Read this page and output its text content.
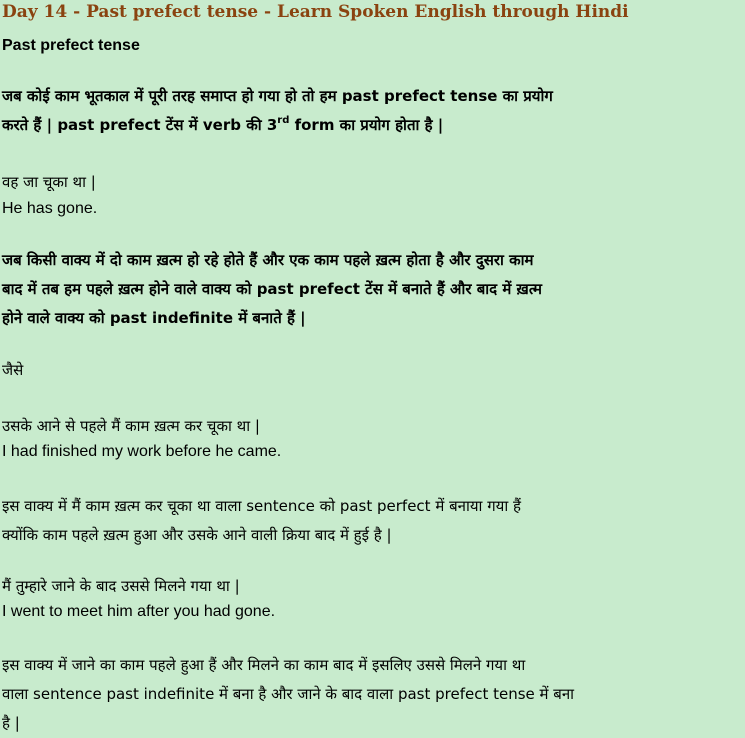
Day 14 - Past prefect tense - Learn Spoken English through Hindi
Past prefect tense

जब कोई काम भूतकाल में पूरी तरह समाप्त हो गया हो तो हम past prefect tense का प्रयोग
करते हैं | past prefect टेंस में verb की 3rd form का प्रयोग होता है |

वह जा चूका था |

He has gone.

जब किसी वाक्य में दो काम ख़त्म हो रहे होते हैं और एक काम पहले ख़त्म होता है और दुसरा काम
बाद में तब हम पहले ख़त्म होने वाले वाक्य को past prefect टेंस में बनाते हैं और बाद में ख़त्म
होने वाले वाक्य को past indefinite में बनाते हैं |

जैसे

उसके आने से पहले मैं काम ख़त्म कर चूका था |

I had finished my work before he came.

इस वाक्य में मैं काम ख़त्म कर चूका था वाला sentence को past perfect में बनाया गया हैं
क्योंकि काम पहले ख़त्म हुआ और उसके आने वाली क्रिया बाद में हुई है |

मैं तुम्हारे जाने के बाद उससे मिलने गया था |

I went to meet him after you had gone.

इस वाक्य में जाने का काम पहले हुआ हैं और मिलने का काम बाद में इसलिए उससे मिलने गया था
वाला sentence past indefinite में बना है और जाने के बाद वाला past prefect tense में बना
है |
